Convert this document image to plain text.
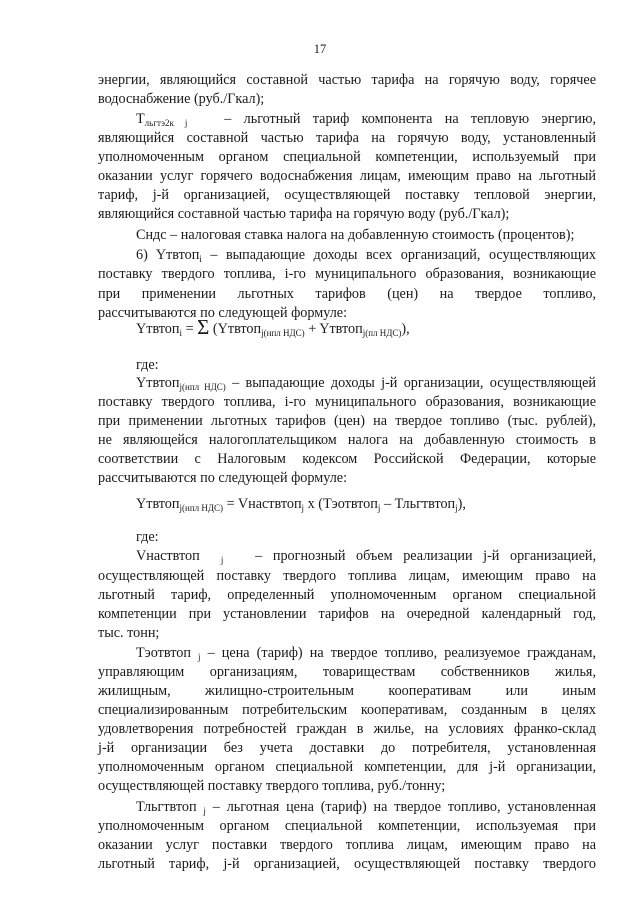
17
энергии, являющийся составной частью тарифа на горячую воду, горячее
водоснабжение (руб./Гкал);
$Т_{льгтэ2к j}$	– льготный тариф компонента на тепловую энергию,
являющийся составной частью тарифа на горячую воду, установленный
уполномоченным органом специальной компетенции, используемый при
оказании услуг горячего водоснабжения лицам, имеющим право на льготный
тариф, j-й организацией, осуществляющей поставку тепловой энергии,
являющийся составной частью тарифа на горячую воду (руб./Гкал);
Сндс – налоговая ставка налога на добавленную стоимость (процентов);
6) Yтвтоп$_i$ – выпадающие доходы всех организаций, осуществляющих
поставку твердого топлива, i-го муниципального образования, возникающие
при применении льготных тарифов (цен) на твердое топливо,
рассчитываются по следующей формуле:
Yтвтоп$_i$ = Σ (Yтвтоп$_{j(нпл НДС)}$ + Yтвтоп$_{j(пл НДС)}$),
где:
Yтвтоп$_{j(нпл НДС)}$ – выпадающие доходы j-й организации, осуществляющей
поставку твердого топлива, i-го муниципального образования, возникающие
при применении льготных тарифов (цен) на твердое топливо (тыс. рублей),
не являющейся налогоплательщиком налога на добавленную стоимость в
соответствии с Налоговым кодексом Российской Федерации, которые
рассчитываются по следующей формуле:
Yтвтоп$_{j(нпл НДС)}$ = Vнаствтоп$_j$ x (Тэотвтоп$_j$ – Тльгтвтоп$_j$),
где:
Vнаствтоп $_j$ – прогнозный объем реализации j-й организацией,
осуществляющей поставку твердого топлива лицам, имеющим право на
льготный тариф, определенный уполномоченным органом специальной
компетенции при установлении тарифов на очередной календарный год,
тыс. тонн;
Тэотвтоп $_j$ – цена (тариф) на твердое топливо, реализуемое гражданам,
управляющим организациям, товариществам собственников жилья,
жилищным, жилищно-строительным кооперативам или иным
специализированным потребительским кооперативам, созданным в целях
удовлетворения потребностей граждан в жилье, на условиях франко-склад
j-й организации без учета доставки до потребителя, установленная
уполномоченным органом специальной компетенции, для j-й организации,
осуществляющей поставку твердого топлива, руб./тонну;
Тльгтвтоп $_j$ – льготная цена (тариф) на твердое топливо, установленная
уполномоченным органом специальной компетенции, используемая при
оказании услуг поставки твердого топлива лицам, имеющим право на
льготный тариф, j-й организацией, осуществляющей поставку твердого
